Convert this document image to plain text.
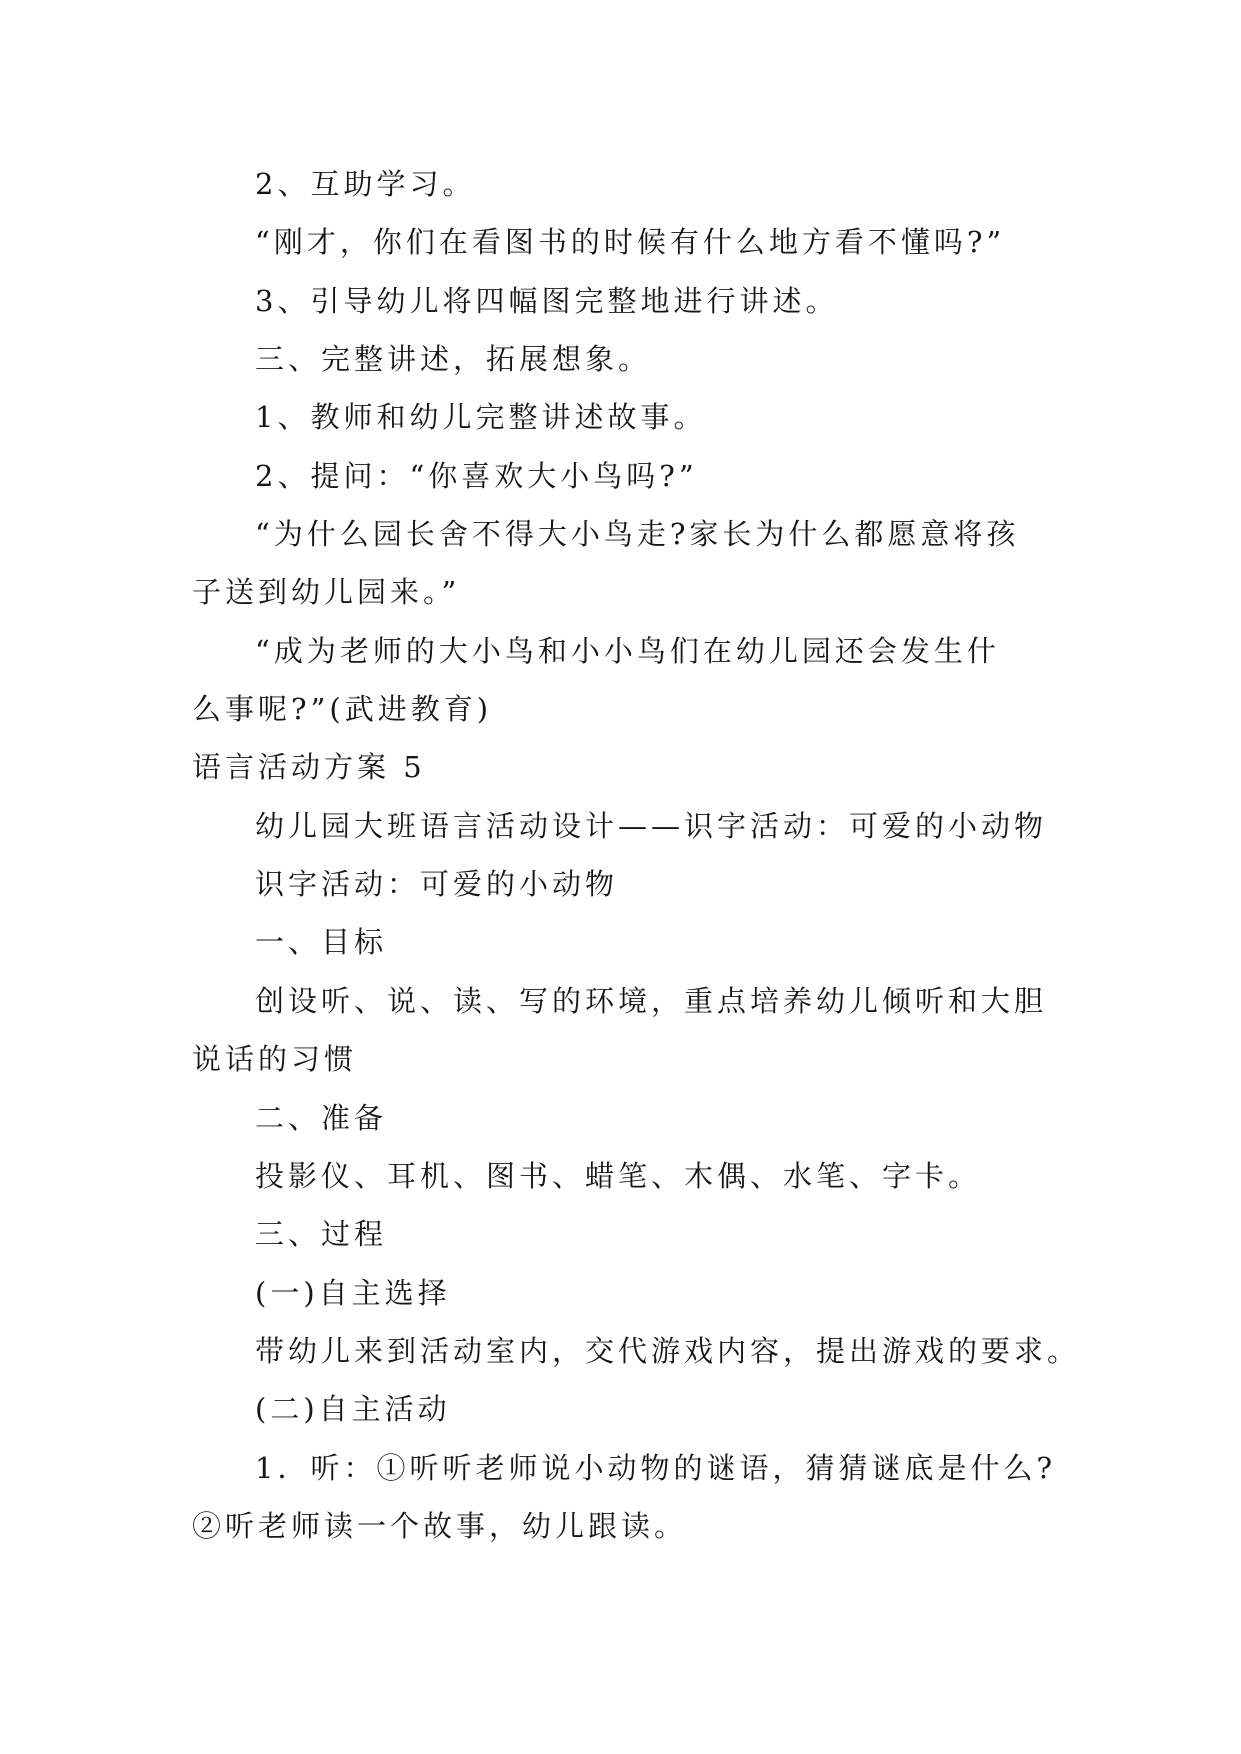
2、互助学习。
“刚才，你们在看图书的时候有什么地方看不懂吗?”
3、引导幼儿将四幅图完整地进行讲述。
三、完整讲述，拓展想象。
1、教师和幼儿完整讲述故事。
2、提问：“你喜欢大小鸟吗?”
“为什么园长舍不得大小鸟走?家长为什么都愿意将孩
子送到幼儿园来。”
“成为老师的大小鸟和小小鸟们在幼儿园还会发生什
么事呢?”(武进教育)
语言活动方案 5
幼儿园大班语言活动设计——识字活动：可爱的小动物
识字活动：可爱的小动物
一、目标
创设听、说、读、写的环境，重点培养幼儿倾听和大胆
说话的习惯
二、准备
投影仪、耳机、图书、蜡笔、木偶、水笔、字卡。
三、过程
(一)自主选择
带幼儿来到活动室内，交代游戏内容，提出游戏的要求。
(二)自主活动
1．听：①听听老师说小动物的谜语，猜猜谜底是什么?
②听老师读一个故事，幼儿跟读。
